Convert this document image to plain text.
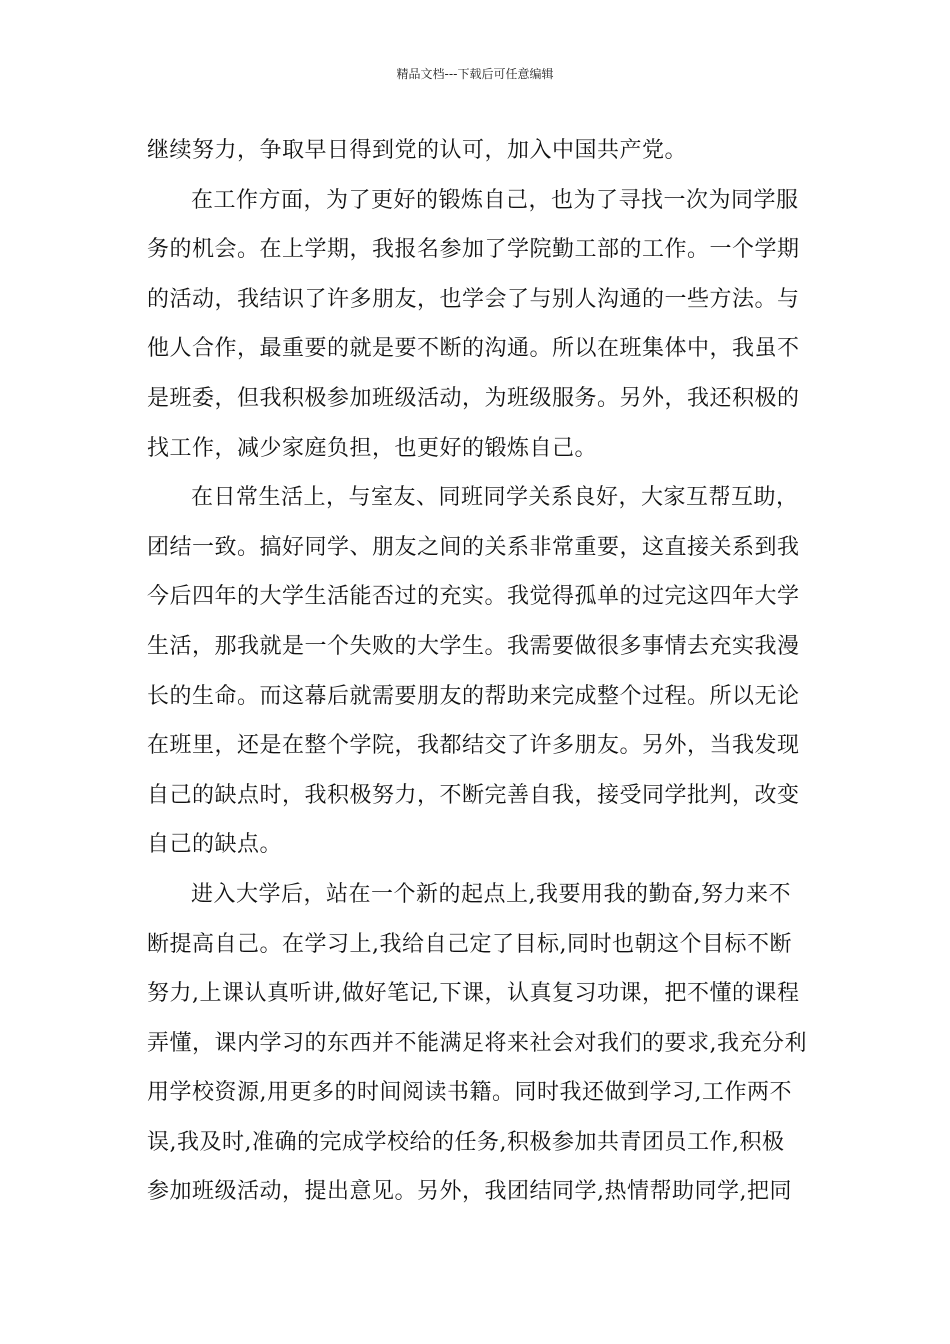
精品文档---下载后可任意编辑
继续努力，争取早日得到党的认可，加入中国共产党。
在工作方面，为了更好的锻炼自己，也为了寻找一次为同学服
务的机会。在上学期，我报名参加了学院勤工部的工作。一个学期
的活动，我结识了许多朋友，也学会了与别人沟通的一些方法。与
他人合作，最重要的就是要不断的沟通。所以在班集体中，我虽不
是班委，但我积极参加班级活动，为班级服务。另外，我还积极的
找工作，减少家庭负担，也更好的锻炼自己。
在日常生活上，与室友、同班同学关系良好，大家互帮互助，
团结一致。搞好同学、朋友之间的关系非常重要，这直接关系到我
今后四年的大学生活能否过的充实。我觉得孤单的过完这四年大学
生活，那我就是一个失败的大学生。我需要做很多事情去充实我漫
长的生命。而这幕后就需要朋友的帮助来完成整个过程。所以无论
在班里，还是在整个学院，我都结交了许多朋友。另外，当我发现
自己的缺点时，我积极努力，不断完善自我，接受同学批判，改变
自己的缺点。
进入大学后，站在一个新的起点上,我要用我的勤奋,努力来不
断提高自己。在学习上,我给自己定了目标,同时也朝这个目标不断
努力,上课认真听讲,做好笔记,下课，认真复习功课，把不懂的课程
弄懂，课内学习的东西并不能满足将来社会对我们的要求,我充分利
用学校资源,用更多的时间阅读书籍。同时我还做到学习,工作两不
误,我及时,准确的完成学校给的任务,积极参加共青团员工作,积极
参加班级活动，提出意见。另外，我团结同学,热情帮助同学,把同
